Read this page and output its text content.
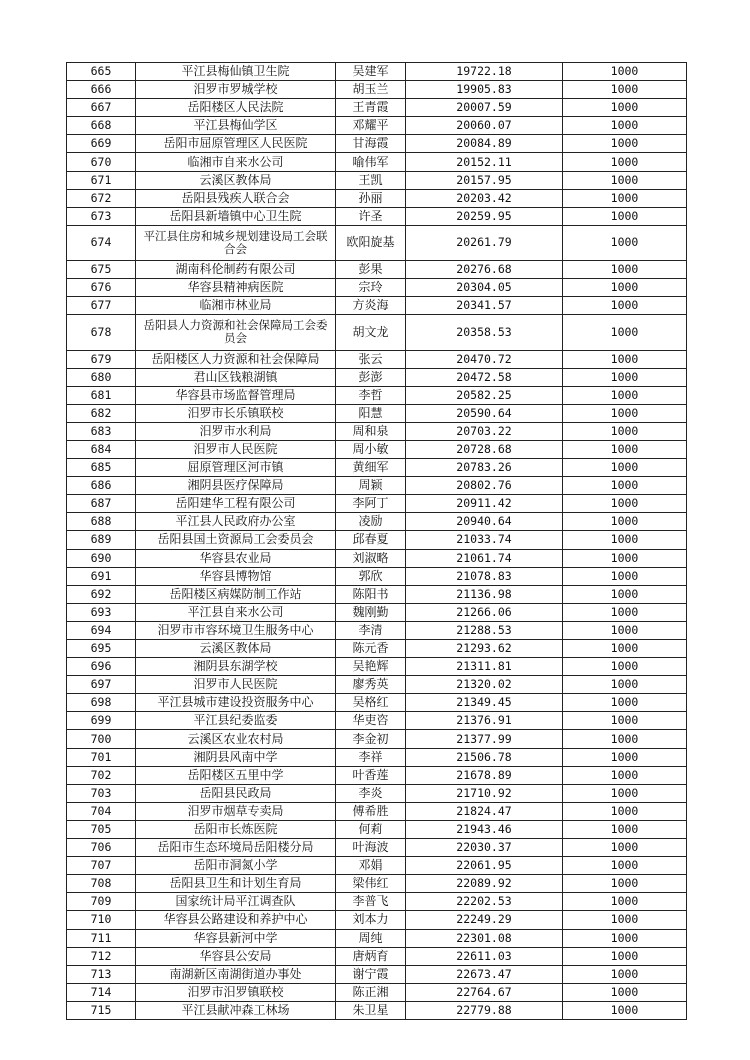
665	平江县梅仙镇卫生院	吴建军	19722.18	1000
666	汨罗市罗城学校	胡玉兰	19905.83	1000
667	岳阳楼区人民法院	王青霞	20007.59	1000
668	平江县梅仙学区	邓耀平	20060.07	1000
669	岳阳市屈原管理区人民医院	甘海霞	20084.89	1000
670	临湘市自来水公司	喻伟军	20152.11	1000
671	云溪区教体局	王凯	20157.95	1000
672	岳阳县残疾人联合会	孙丽	20203.42	1000
673	岳阳县新墙镇中心卫生院	许圣	20259.95	1000
674	平江县住房和城乡规划建设局工会联合会	欧阳旋基	20261.79	1000
675	湖南科伦制药有限公司	彭果	20276.68	1000
676	华容县精神病医院	宗玲	20304.05	1000
677	临湘市林业局	方炎海	20341.57	1000
678	岳阳县人力资源和社会保障局工会委员会	胡文龙	20358.53	1000
679	岳阳楼区人力资源和社会保障局	张云	20470.72	1000
680	君山区钱粮湖镇	彭澎	20472.58	1000
681	华容县市场监督管理局	李哲	20582.25	1000
682	汨罗市长乐镇联校	阳慧	20590.64	1000
683	汨罗市水利局	周和泉	20703.22	1000
684	汨罗市人民医院	周小敏	20728.68	1000
685	屈原管理区河市镇	黄细军	20783.26	1000
686	湘阴县医疗保障局	周颖	20802.76	1000
687	岳阳建华工程有限公司	李阿丁	20911.42	1000
688	平江县人民政府办公室	凌励	20940.64	1000
689	岳阳县国土资源局工会委员会	邱春夏	21033.74	1000
690	华容县农业局	刘淑略	21061.74	1000
691	华容县博物馆	郭欣	21078.83	1000
692	岳阳楼区病媒防制工作站	陈阳书	21136.98	1000
693	平江县自来水公司	魏刚勤	21266.06	1000
694	汨罗市市容环境卫生服务中心	李清	21288.53	1000
695	云溪区教体局	陈元香	21293.62	1000
696	湘阴县东湖学校	吴艳辉	21311.81	1000
697	汨罗市人民医院	廖秀英	21320.02	1000
698	平江县城市建设投资服务中心	吴格红	21349.45	1000
699	平江县纪委监委	华吏咨	21376.91	1000
700	云溪区农业农村局	李金初	21377.99	1000
701	湘阴县风南中学	李祥	21506.78	1000
702	岳阳楼区五里中学	叶香莲	21678.89	1000
703	岳阳县民政局	李炎	21710.92	1000
704	汨罗市烟草专卖局	傅希胜	21824.47	1000
705	岳阳市长炼医院	何莉	21943.46	1000
706	岳阳市生态环境局岳阳楼分局	叶海波	22030.37	1000
707	岳阳市洞氮小学	邓娟	22061.95	1000
708	岳阳县卫生和计划生育局	梁伟红	22089.92	1000
709	国家统计局平江调查队	李普飞	22202.53	1000
710	华容县公路建设和养护中心	刘本力	22249.29	1000
711	华容县新河中学	周纯	22301.08	1000
712	华容县公安局	唐炳育	22611.03	1000
713	南湖新区南湖街道办事处	谢宁霞	22673.47	1000
714	汨罗市汨罗镇联校	陈正湘	22764.67	1000
715	平江县献冲森工林场	朱卫星	22779.88	1000
